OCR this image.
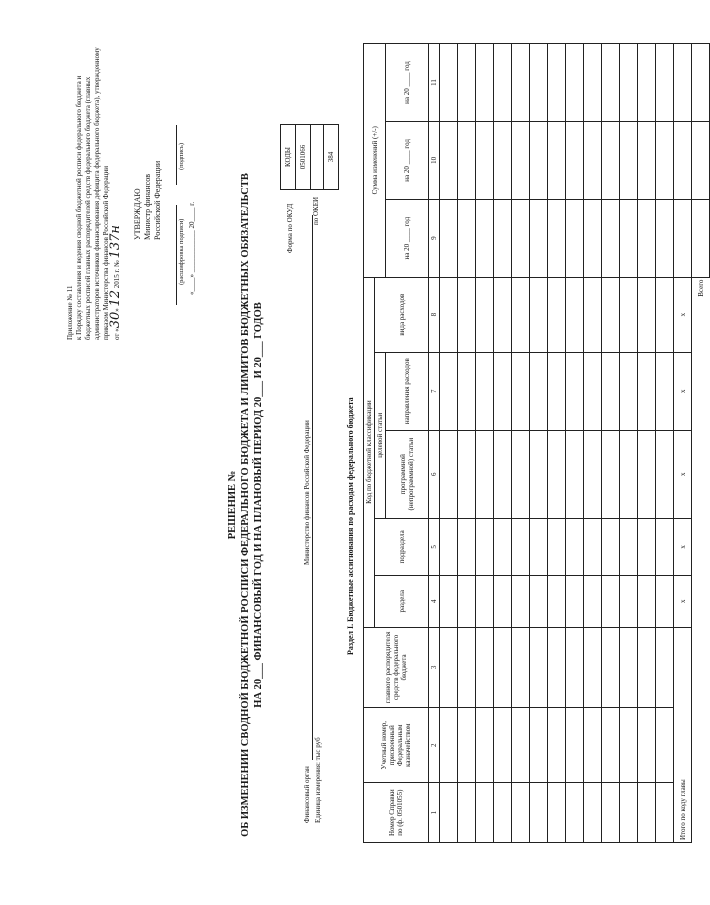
Приложение № 11 к Порядку составления и ведения сводной бюджетной росписи федерального бюджета и бюджетных росписей главных распорядителей средств федерального бюджета (главных администраторов источников финансирования дефицита федерального бюджета), утвержденному приказом Министерства финансов Российской Федерации от «30» 12 2015 г. № 137н
УТВЕРЖДАЮ Министр финансов Российской Федерации
(подпись)
(расшифровка подписи) «____» ____________ 20____ г.
РЕШЕНИЕ № ОБ ИЗМЕНЕНИИ СВОДНОЙ БЮДЖЕТНОЙ РОСПИСИ ФЕДЕРАЛЬНОГО БЮДЖЕТА И ЛИМИТОВ БЮДЖЕТНЫХ ОБЯЗАТЕЛЬСТВ НА 20___ ФИНАНСОВЫЙ ГОД И НА ПЛАНОВЫЙ ПЕРИОД 20___ И 20___ ГОДОВ
КОДЫ
0501066

384
Форма по ОКУД	по ОКЕИ
Финансовый орган
Министерство финансов Российской Федерации
Единица измерения: тыс руб
Раздел I. Бюджетные ассигнования по расходам федерального бюджета
Номер Справки по (ф. 0501055)	Учетный номер, присвоенный Федеральным казначейством	главного распорядителя средств федерального бюджета	Код по бюджетной классификации					Сумма изменений (+/-)		
			раздела	подраздела	целевой статьи		вида расходов			
					программной (непрограммной) статьи	направления расходов		на 20 ____ год	на 20 ____ год	на 20 ____ год

1	2	3	4	5	6	7	8	9	10	11

Итого по коду главы			х	х	х	х	х			
Всего										
